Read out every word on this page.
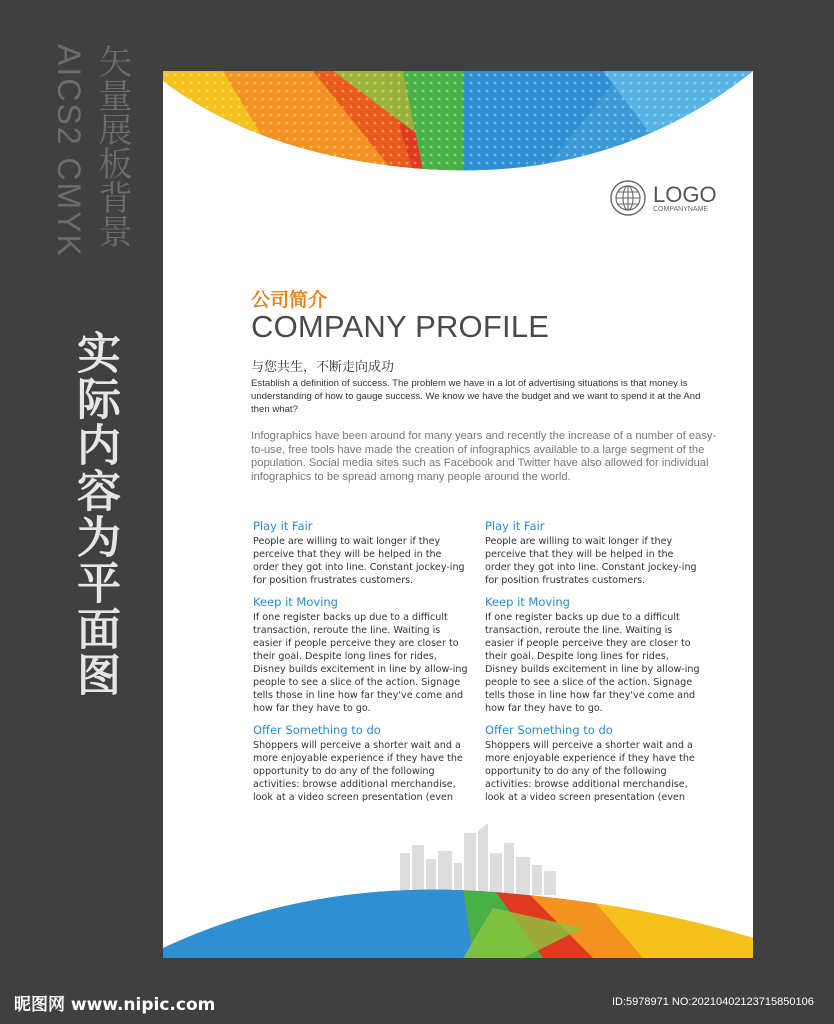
AICS2 CMYK 矢量展板背景
实际内容为平面图
LOGO
COMPANYNAME
公司简介
COMPANY PROFILE
与您共生，不断走向成功

Establish a definition of success. The problem we have in a lot of advertising situations is that money is understanding of how to gauge success. We know we have the budget and we want to spend it at the And then what?

Infographics have been around for many years and recently the increase of a number of easy-to-use, free tools have made the creation of infographics available to a large segment of the population. Social media sites such as Facebook and Twitter have also allowed for individual infographics to be spread among many people around the world.

Play it Fair

People are willing to wait longer if they perceive that they will be helped in the order they got into line. Constant jockey-ing for position frustrates customers.

Keep it Moving

If one register backs up due to a difficult transaction, reroute the line. Waiting is easier if people perceive they are closer to their goal. Despite long lines for rides, Disney builds excitement in line by allow-ing people to see a slice of the action. Signage tells those in line how far they've come and how far they have to go.

Offer Something to do

Shoppers will perceive a shorter wait and a more enjoyable experience if they have the opportunity to do any of the following activities: browse additional merchandise, look at a video screen presentation (even

Play it Fair

People are willing to wait longer if they perceive that they will be helped in the order they got into line. Constant jockey-ing for position frustrates customers.

Keep it Moving

If one register backs up due to a difficult transaction, reroute the line. Waiting is easier if people perceive they are closer to their goal. Despite long lines for rides, Disney builds excitement in line by allow-ing people to see a slice of the action. Signage tells those in line how far they've come and how far they have to go.

Offer Something to do

Shoppers will perceive a shorter wait and a more enjoyable experience if they have the opportunity to do any of the following activities: browse additional merchandise, look at a video screen presentation (even

昵图网 www.nipic.com	ID:5978971 NO:20210402123715850106
